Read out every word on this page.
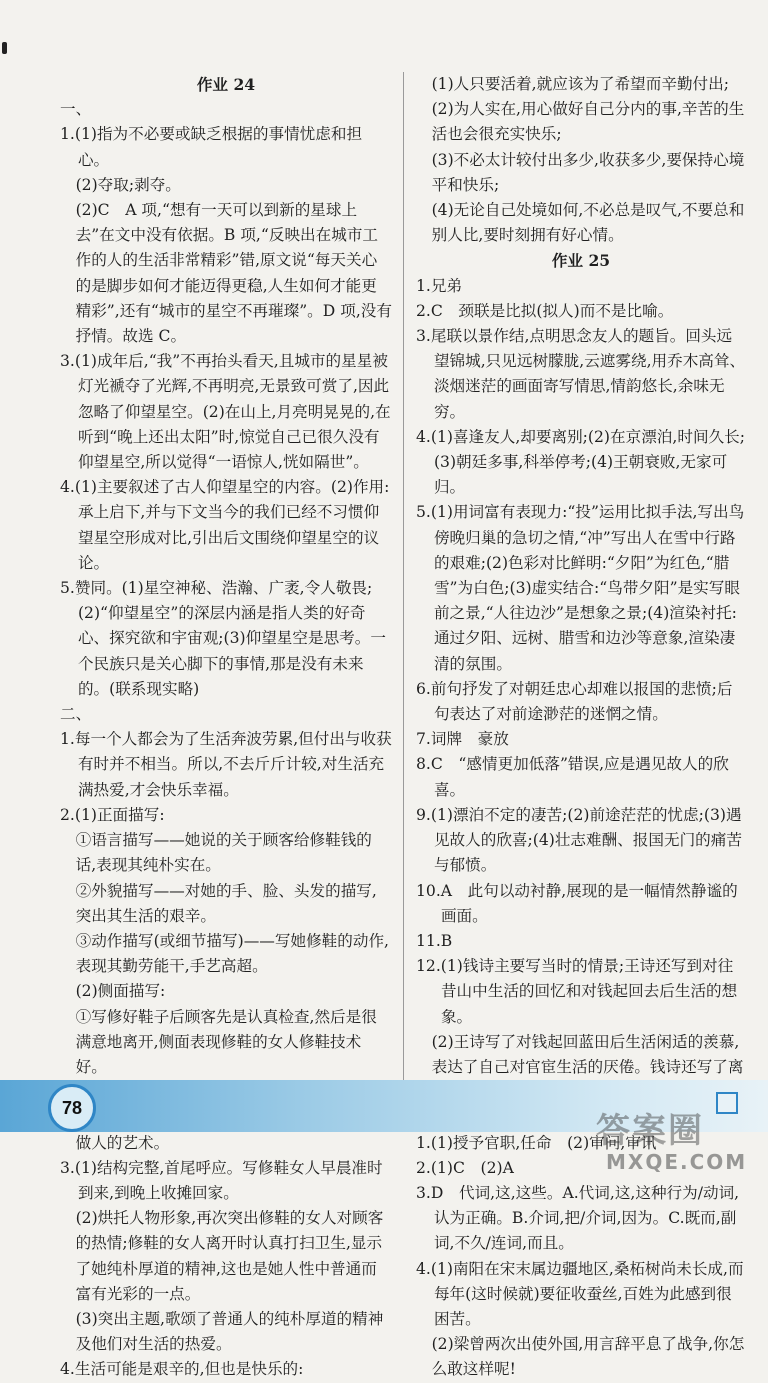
作业 24

一、

1.(1)指为不必要或缺乏根据的事情忧虑和担心。

(2)夺取;剥夺。

(2)C　A 项,“想有一天可以到新的星球上去”在文中没有依据。B 项,“反映出在城市工作的人的生活非常精彩”错,原文说“每天关心的是脚步如何才能迈得更稳,人生如何才能更精彩”,还有“城市的星空不再璀璨”。D 项,没有抒情。故选 C。

3.(1)成年后,“我”不再抬头看天,且城市的星星被灯光褫夺了光辉,不再明亮,无景致可赏了,因此忽略了仰望星空。(2)在山上,月亮明晃晃的,在听到“晚上还出太阳”时,惊觉自己已很久没有仰望星空,所以觉得“一语惊人,恍如隔世”。

4.(1)主要叙述了古人仰望星空的内容。(2)作用:承上启下,并与下文当今的我们已经不习惯仰望星空形成对比,引出后文围绕仰望星空的议论。

5.赞同。(1)星空神秘、浩瀚、广袤,令人敬畏;(2)“仰望星空”的深层内涵是指人类的好奇心、探究欲和宇宙观;(3)仰望星空是思考。一个民族只是关心脚下的事情,那是没有未来的。(联系现实略)

二、

1.每一个人都会为了生活奔波劳累,但付出与收获有时并不相当。所以,不去斤斤计较,对生活充满热爱,才会快乐幸福。

2.(1)正面描写:

①语言描写——她说的关于顾客给修鞋钱的话,表现其纯朴实在。

②外貌描写——对她的手、脸、头发的描写,突出其生活的艰辛。

③动作描写(或细节描写)——写她修鞋的动作,表现其勤劳能干,手艺高超。

(2)侧面描写:

①写修好鞋子后顾客先是认真检查,然后是很满意地离开,侧面表现修鞋的女人修鞋技术好。

做人的艺术。

3.(1)结构完整,首尾呼应。写修鞋女人早晨准时到来,到晚上收摊回家。

(2)烘托人物形象,再次突出修鞋的女人对顾客的热情;修鞋的女人离开时认真打扫卫生,显示了她纯朴厚道的精神,这也是她人性中普通而富有光彩的一点。

(3)突出主题,歌颂了普通人的纯朴厚道的精神及他们对生活的热爱。

4.生活可能是艰辛的,但也是快乐的:

(1)人只要活着,就应该为了希望而辛勤付出;

(2)为人实在,用心做好自己分内的事,辛苦的生活也会很充实快乐;

(3)不必太计较付出多少,收获多少,要保持心境平和快乐;

(4)无论自己处境如何,不必总是叹气,不要总和别人比,要时刻拥有好心情。

作业 25

1.兄弟

2.C　颈联是比拟(拟人)而不是比喻。

3.尾联以景作结,点明思念友人的题旨。回头远望锦城,只见远树朦胧,云遮雾绕,用乔木高耸、淡烟迷茫的画面寄写情思,情韵悠长,余味无穷。

4.(1)喜逢友人,却要离别;(2)在京漂泊,时间久长;(3)朝廷多事,科举停考;(4)王朝衰败,无家可归。

5.(1)用词富有表现力:“投”运用比拟手法,写出鸟傍晚归巢的急切之情,“冲”写出人在雪中行路的艰难;(2)色彩对比鲜明:“夕阳”为红色,“腊雪”为白色;(3)虚实结合:“鸟带夕阳”是实写眼前之景,“人往边沙”是想象之景;(4)渲染衬托:通过夕阳、远树、腊雪和边沙等意象,渲染凄清的氛围。

6.前句抒发了对朝廷忠心却难以报国的悲愤;后句表达了对前途渺茫的迷惘之情。

7.词牌　豪放

8.C　“感情更加低落”错误,应是遇见故人的欣喜。

9.(1)漂泊不定的凄苦;(2)前途茫茫的忧虑;(3)遇见故人的欣喜;(4)壮志难酬、报国无门的痛苦与郁愤。

10.A　此句以动衬静,展现的是一幅情然静谧的画面。

11.B

12.(1)钱诗主要写当时的情景;王诗还写到对往昔山中生活的回忆和对钱起回去后生活的想象。

(2)王诗写了对钱起回蓝田后生活闲适的羡慕,表达了自己对官宦生活的厌倦。钱诗还写了离

1.(1)授予官职,任命　(2)审问,审讯

2.(1)C　(2)A

3.D　代词,这,这些。A.代词,这,这种行为/动词,认为正确。B.介词,把/介词,因为。C.既而,副词,不久/连词,而且。

4.(1)南阳在宋末属边疆地区,桑柘树尚未长成,而每年(这时候就)要征收蚕丝,百姓为此感到很困苦。

(2)梁曾两次出使外国,用言辞平息了战争,你怎么敢这样呢!

78
答案圈
MXQE.COM
